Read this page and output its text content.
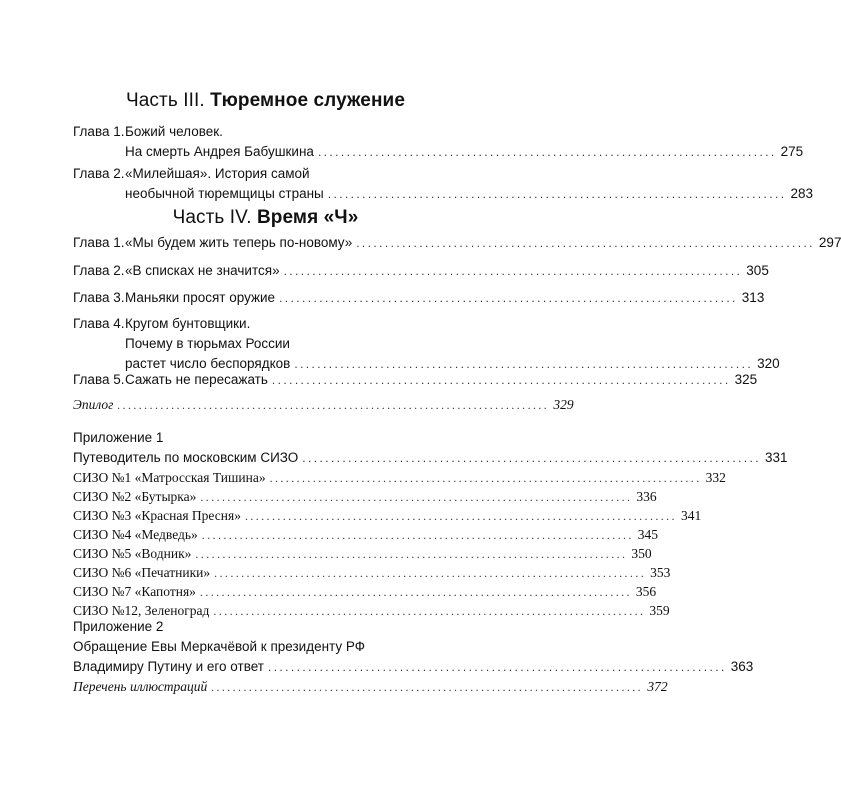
Часть III. Тюремное служение
Глава 1. Божий человек.
На смерть Андрея Бабушкина ................................................................................ 275
Глава 2. «Милейшая». История самой
необычной тюремщицы страны ................................................................................ 283
Часть IV. Время «Ч»
Глава 1. «Мы будем жить теперь по-новому» ................................................................................ 297
Глава 2. «В списках не значится» ................................................................................ 305
Глава 3. Маньяки просят оружие ................................................................................ 313
Глава 4. Кругом бунтовщики.
Почему в тюрьмах России
растет число беспорядков ................................................................................ 320
Глава 5. Сажать не пересажать ................................................................................ 325
Эпилог ................................................................................ 329
Приложение 1
Путеводитель по московским СИЗО ................................................................................ 331
СИЗО №1 «Матросская Тишина» ................................................................................ 332
СИЗО №2 «Бутырка» ................................................................................ 336
СИЗО №3 «Красная Пресня» ................................................................................ 341
СИЗО №4 «Медведь» ................................................................................ 345
СИЗО №5 «Водник» ................................................................................ 350
СИЗО №6 «Печатники» ................................................................................ 353
СИЗО №7 «Капотня» ................................................................................ 356
СИЗО №12, Зеленоград ................................................................................ 359
Приложение 2
Обращение Евы Меркачёвой к президенту РФ
Владимиру Путину и его ответ ................................................................................ 363
Перечень иллюстраций ................................................................................ 372
